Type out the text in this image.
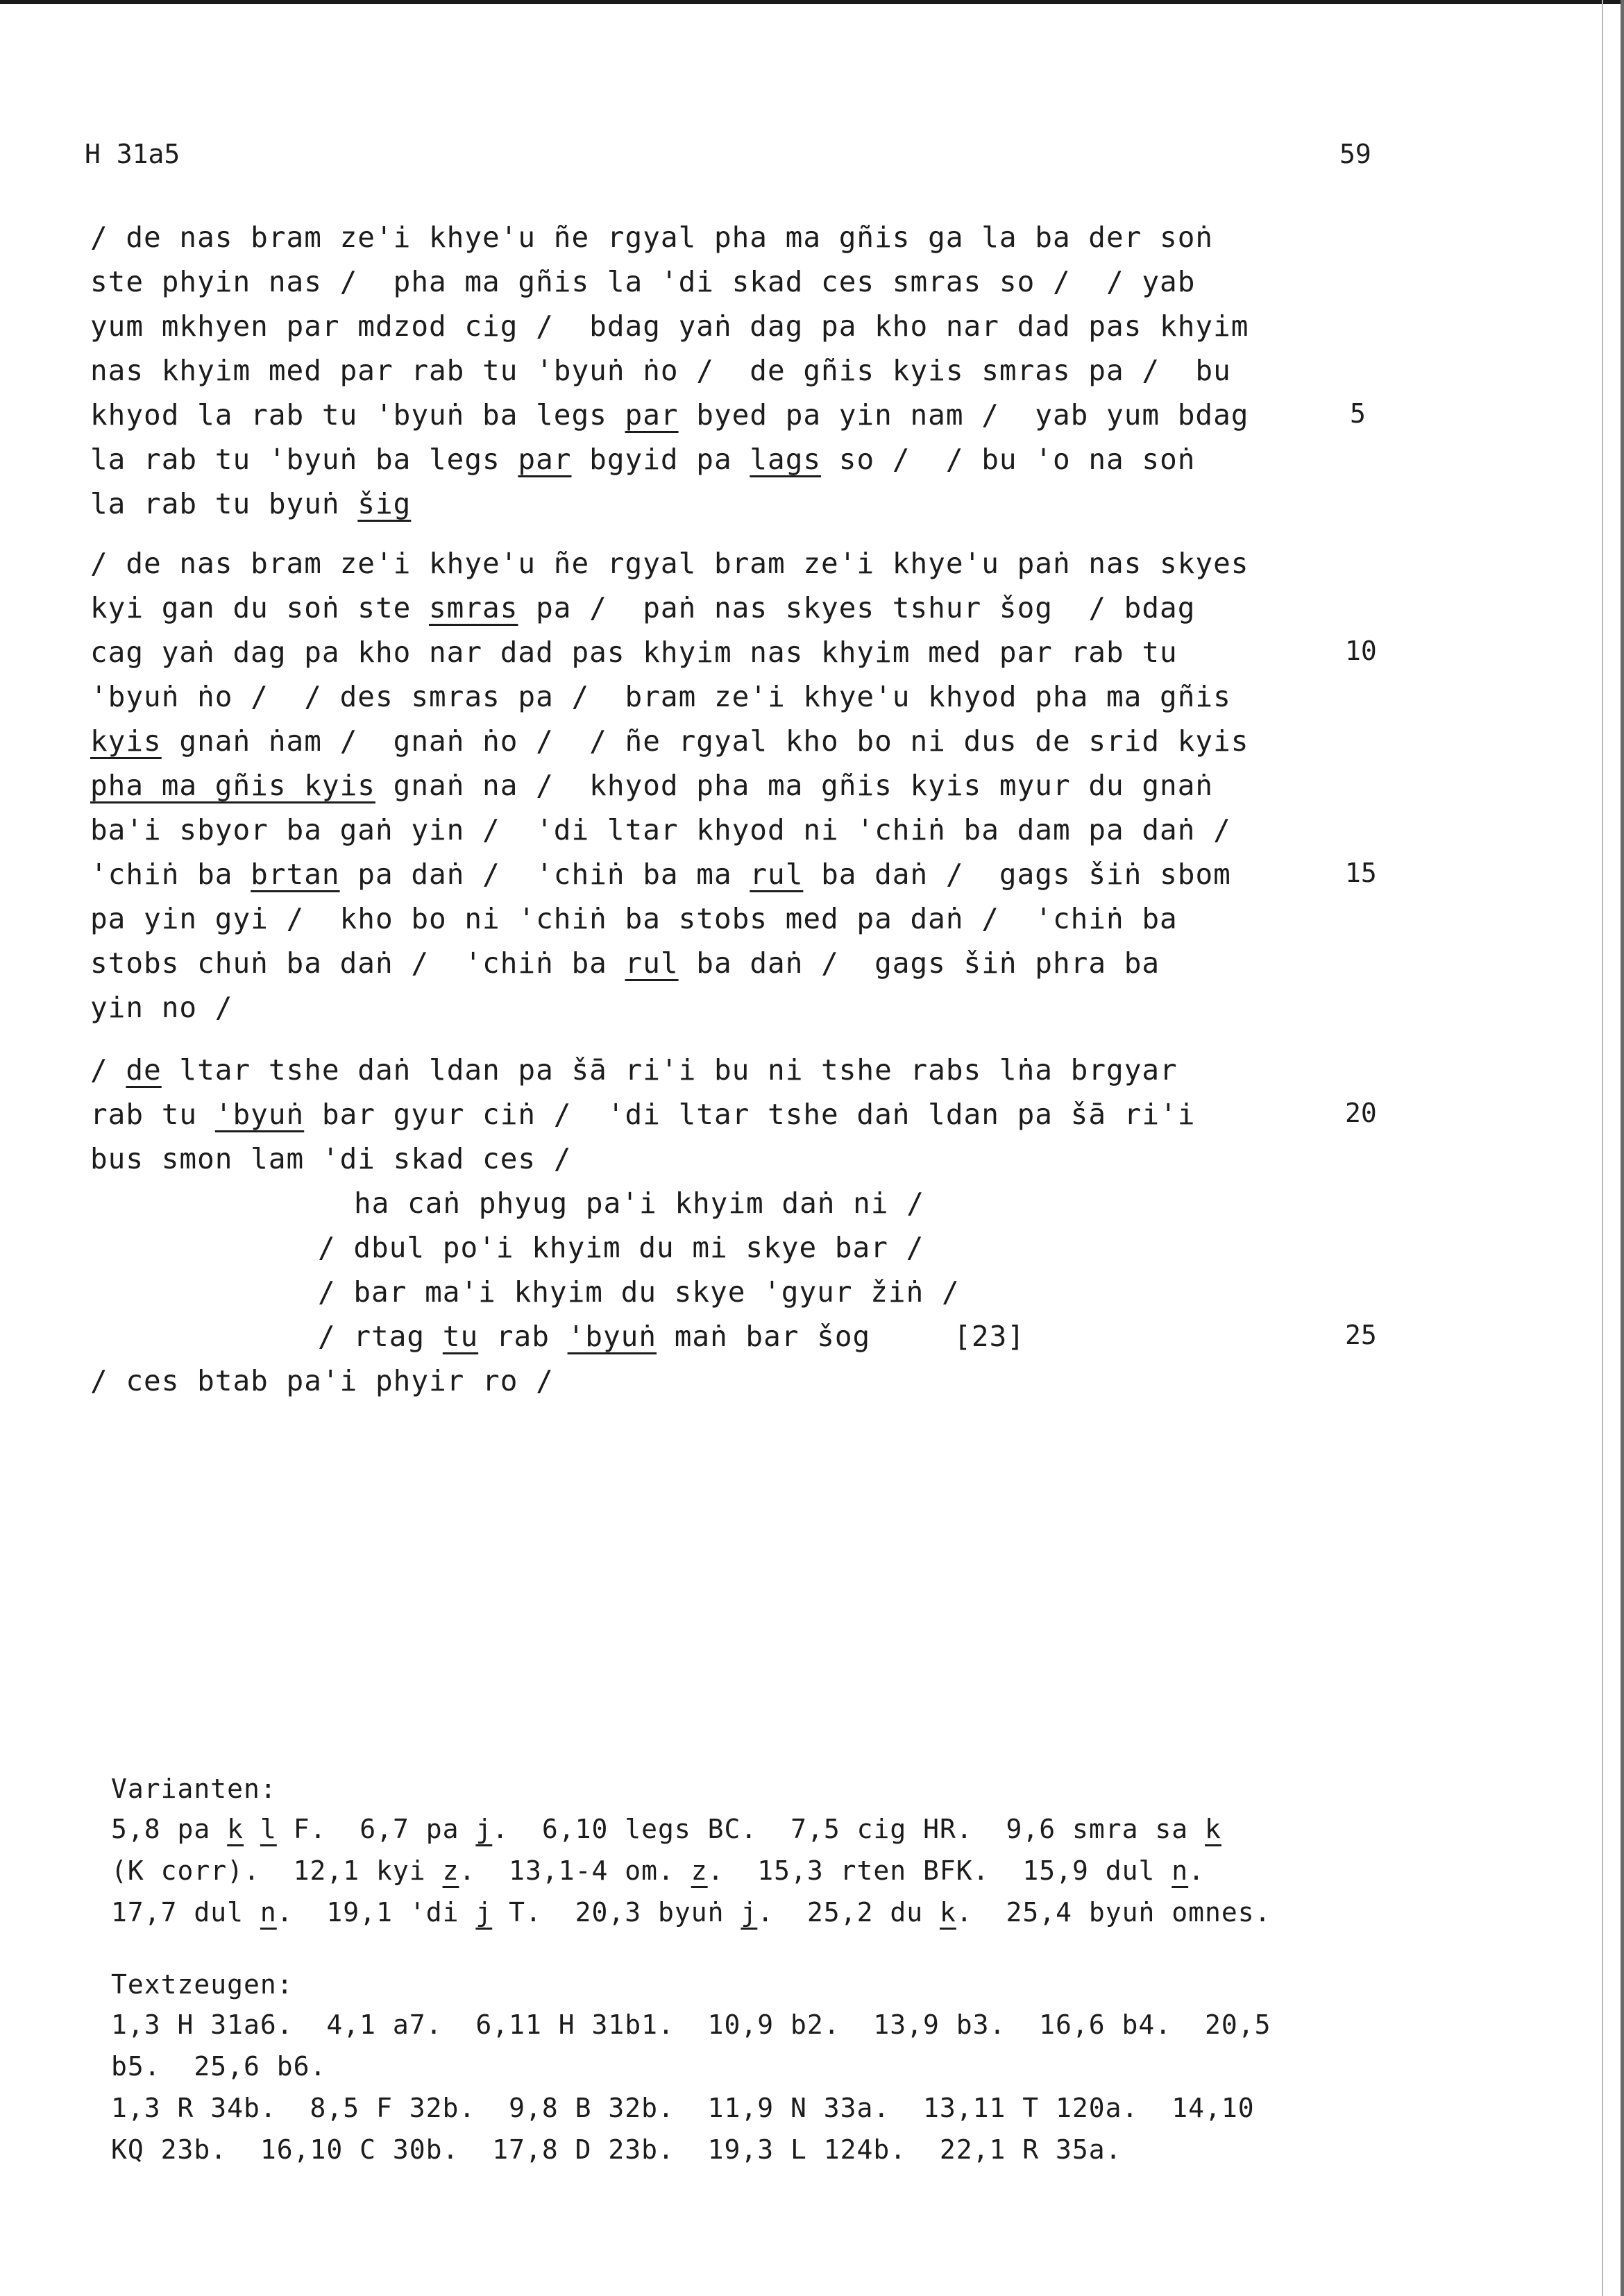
H 31a5	59
/ de nas bram ze'i khye'u ñe rgyal pha ma gñis ga la ba der soṅ
ste phyin nas /  pha ma gñis la 'di skad ces smras so /  / yab
yum mkhyen par mdzod cig /  bdag yaṅ dag pa kho nar dad pas khyim
nas khyim med par rab tu 'byuṅ ṅo /  de gñis kyis smras pa /  bu
khyod la rab tu 'byuṅ ba legs par byed pa yin nam /  yab yum bdag
la rab tu 'byuṅ ba legs par bgyid pa lags so /  / bu 'o na soṅ
la rab tu byuṅ šig
/ de nas bram ze'i khye'u ñe rgyal bram ze'i khye'u paṅ nas skyes
kyi gan du soṅ ste smras pa /  paṅ nas skyes tshur šog  / bdag
cag yaṅ dag pa kho nar dad pas khyim nas khyim med par rab tu
'byuṅ ṅo /  / des smras pa /  bram ze'i khye'u khyod pha ma gñis
kyis gnaṅ ṅam /  gnaṅ ṅo /  / ñe rgyal kho bo ni dus de srid kyis
pha ma gñis kyis gnaṅ na /  khyod pha ma gñis kyis myur du gnaṅ
ba'i sbyor ba gaṅ yin /  'di ltar khyod ni 'chiṅ ba dam pa daṅ /
'chiṅ ba brtan pa daṅ /  'chiṅ ba ma rul ba daṅ /  gags šiṅ sbom
pa yin gyi /  kho bo ni 'chiṅ ba stobs med pa daṅ /  'chiṅ ba
stobs chuṅ ba daṅ /  'chiṅ ba rul ba daṅ /  gags šiṅ phra ba
yin no /
/ de ltar tshe daṅ ldan pa šā ri'i bu ni tshe rabs lṅa brgyar
rab tu 'byuṅ bar gyur ciṅ /  'di ltar tshe daṅ ldan pa šā ri'i
bus smon lam 'di skad ces /
ha caṅ phyug pa'i khyim daṅ ni /
/ dbul po'i khyim du mi skye bar /
/ bar ma'i khyim du skye 'gyur žiṅ /
/ rtag tu rab 'byuṅ maṅ bar šog	[23]
/ ces btab pa'i phyir ro /
5
10
15
20
25
Varianten:
5,8 pa k l F.  6,7 pa j.  6,10 legs BC.  7,5 cig HR.  9,6 smra sa k
(K corr).  12,1 kyi z.  13,1-4 om. z.  15,3 rten BFK.  15,9 dul n.
17,7 dul n.  19,1 'di j T.  20,3 byuṅ j.  25,2 du k.  25,4 byuṅ omnes.
Textzeugen:
1,3 H 31a6.  4,1 a7.  6,11 H 31b1.  10,9 b2.  13,9 b3.  16,6 b4.  20,5
b5.  25,6 b6.
1,3 R 34b.  8,5 F 32b.  9,8 B 32b.  11,9 N 33a.  13,11 T 120a.  14,10
KQ 23b.  16,10 C 30b.  17,8 D 23b.  19,3 L 124b.  22,1 R 35a.
